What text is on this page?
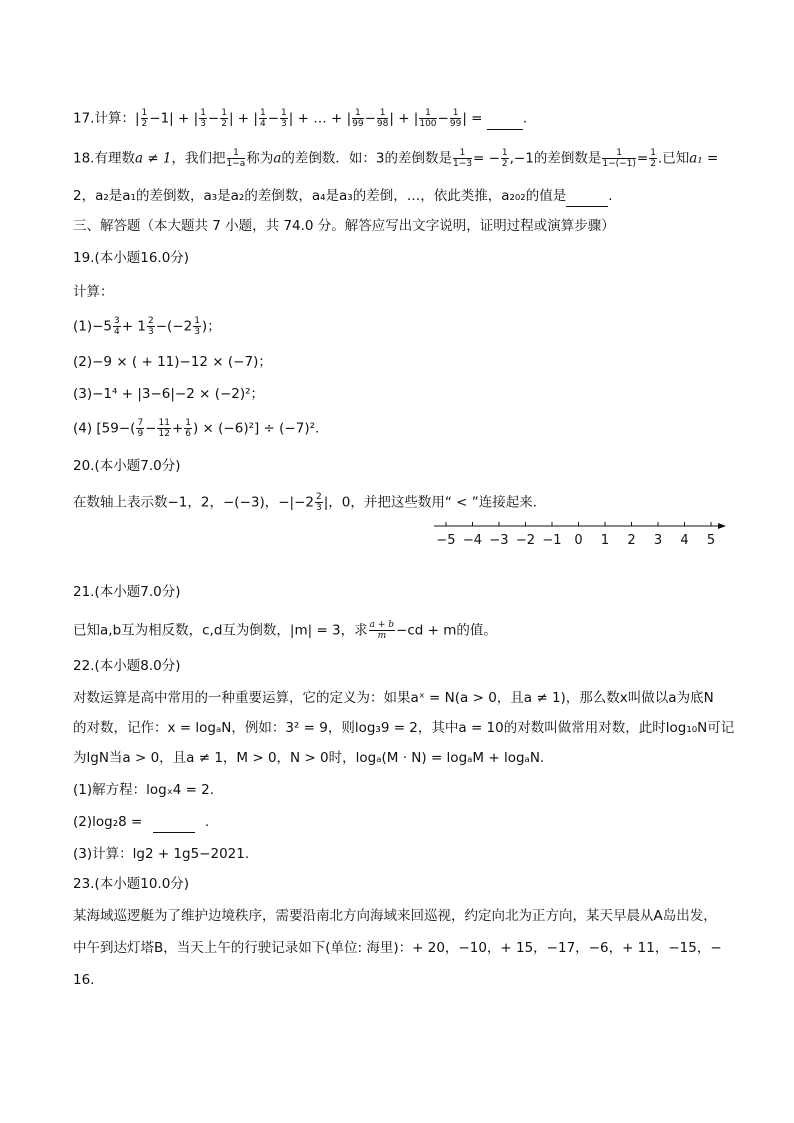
17.计算：| $\frac{1}{2} -1|$ + | $\frac{1}{3} - \frac{1}{2}$ | + | $\frac{1}{4} - \frac{1}{3}$ | + … + | $\frac{1}{99} - \frac{1}{98}$ | + | $\frac{1}{100} - \frac{1}{99}$ | =	.
18.有理数a ≠ 1，我们把 $\frac{1}{1-a}$ 称为a的差倒数．如：3的差倒数是 $\frac{1}{1-3}$ = − $\frac{1}{2} ,-1$的差倒数是 $\frac{1}{1-(-1)} = \frac{1}{2}$ .已知a₁ =
2，a₂是a₁的差倒数，a₃是a₂的差倒数，a₄是a₃的差倒，…，依此类推，a₂₀₂的值是	.
三、解答题（本大题共 7 小题，共 74.0 分。解答应写出文字说明，证明过程或演算步骤）
19.(本小题16.0分)
计算：
$(1)-5 \frac{3}{4} + 1 \frac{2}{3} -(-2 \frac{1}{3}$ )；
(2)−9 × ( + 11)−12 × (−7)；
(3)−1⁴ + |3−6|−2 × (−2)²；
(4) [$59-( \frac{7}{9} - \frac{11}{12} + \frac{1}{6}$ ) × (−6)²] ÷ (−7)².
20.(本小题7.0分)
在数轴上表示数−1，2，−(−3)，$-|-2 \frac{2}{3}$ |，0，并把这些数用“ < ”连接起来．
−5 −4 −3 −2 −1 0 1 2 3 4 5
21.(本小题7.0分)
已知a,b互为相反数，c,d互为倒数，|m| = 3，求 $\frac{a + b}{m} -cd + m$的值。
22.(本小题8.0分)
对数运算是高中常用的一种重要运算，它的定义为：如果aˣ = N(a > 0，且a ≠ 1)，那么数x叫做以a为底N
的对数，记作：x = logₐN，例如：3² = 9，则log₃9 = 2，其中a = 10的对数叫做常用对数，此时log₁₀N可记
为lgN当a > 0，且a ≠ 1，M > 0，N > 0时，logₐ(M · N) = logₐM + logₐN.
(1)解方程：logₓ4 = 2.
(2)log₂8 =	.
(3)计算：lg2 + 1g5−2021.
23.(本小题10.0分)
某海域巡逻艇为了维护边境秩序，需要沿南北方向海域来回巡视，约定向北为正方向，某天早晨从A岛出发，
中午到达灯塔B，当天上午的行驶记录如下(单位: 海里)：+ 20，−10，+ 15，−17，−6，+ 11，−15，−
16.
